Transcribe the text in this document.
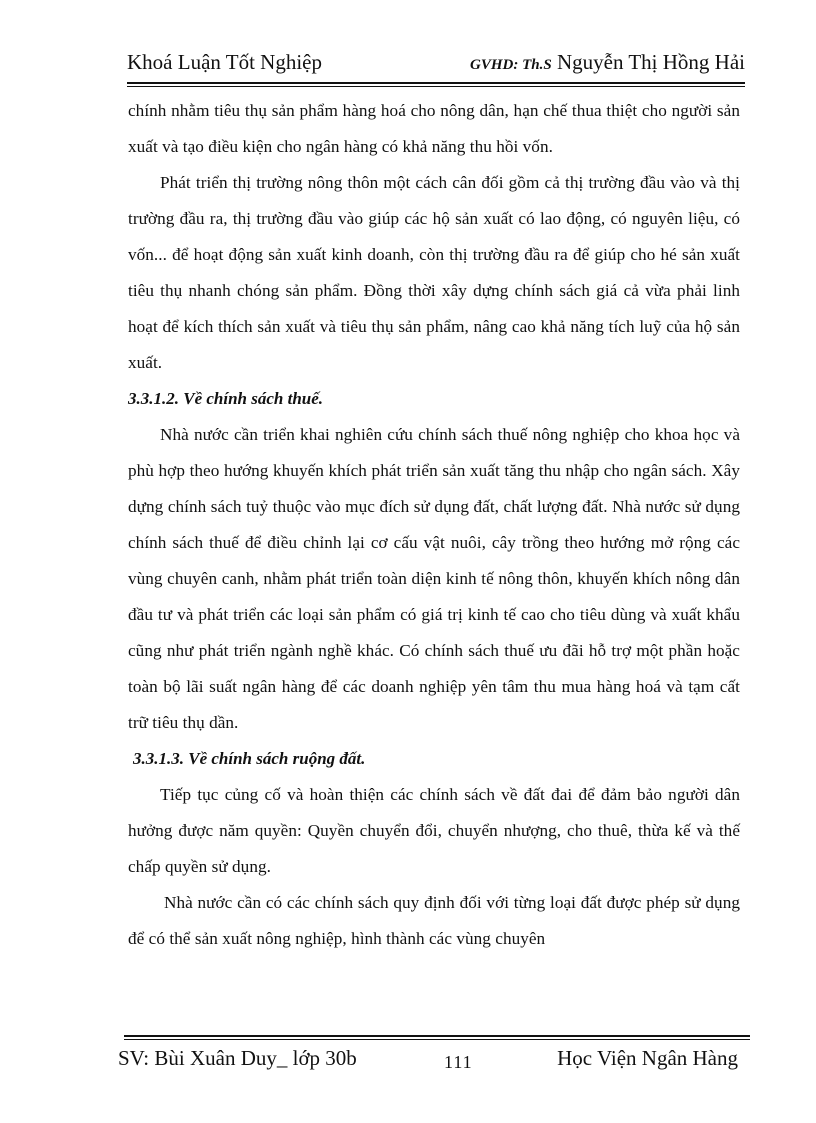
Khoá Luận Tốt Nghiệp	GVHD: Th.S Nguyễn Thị Hồng Hải

chính nhằm tiêu thụ sản phẩm hàng hoá cho nông dân, hạn chế thua thiệt cho người sản xuất và tạo điều kiện cho ngân hàng có khả năng thu hồi vốn.

Phát triển thị trường nông thôn một cách cân đối gồm cả thị trường đầu vào và thị trường đầu ra, thị trường đầu vào giúp các hộ sản xuất có lao động, có nguyên liệu, có vốn... để hoạt động sản xuất kinh doanh, còn thị trường đầu ra để giúp cho hé sản xuất tiêu thụ nhanh chóng sản phẩm. Đồng thời xây dựng chính sách giá cả vừa phải linh hoạt để kích thích sản xuất và tiêu thụ sản phẩm, nâng cao khả năng tích luỹ của hộ sản xuất.

3.3.1.2. Về chính sách thuế.

Nhà nước cần triển khai nghiên cứu chính sách thuế nông nghiệp cho khoa học và phù hợp theo hướng khuyến khích phát triển sản xuất tăng thu nhập cho ngân sách. Xây dựng chính sách tuỷ thuộc vào mục đích sử dụng đất, chất lượng đất. Nhà nước sử dụng chính sách thuế để điều chỉnh lại cơ cấu vật nuôi, cây trồng theo hướng mở rộng các vùng chuyên canh, nhằm phát triển toàn diện kinh tế nông thôn, khuyến khích nông dân đầu tư và phát triển các loại sản phẩm có giá trị kinh tế cao cho tiêu dùng và xuất khẩu cũng như phát triển ngành nghề khác. Có chính sách thuế ưu đãi hỗ trợ một phần hoặc toàn bộ lãi suất ngân hàng để các doanh nghiệp yên tâm thu mua hàng hoá và tạm cất trữ tiêu thụ dần.

3.3.1.3. Về chính sách ruộng đất.

Tiếp tục củng cố và hoàn thiện các chính sách về đất đai để đảm bảo người dân hưởng được năm quyền: Quyền chuyển đổi, chuyển nhượng, cho thuê, thừa kế và thế chấp quyền sử dụng.

Nhà nước cần có các chính sách quy định đối với từng loại đất được phép sử dụng để có thể sản xuất nông nghiệp, hình thành các vùng chuyên

SV: Bùi Xuân Duy_ lớp 30b	111	Học Viện Ngân Hàng
